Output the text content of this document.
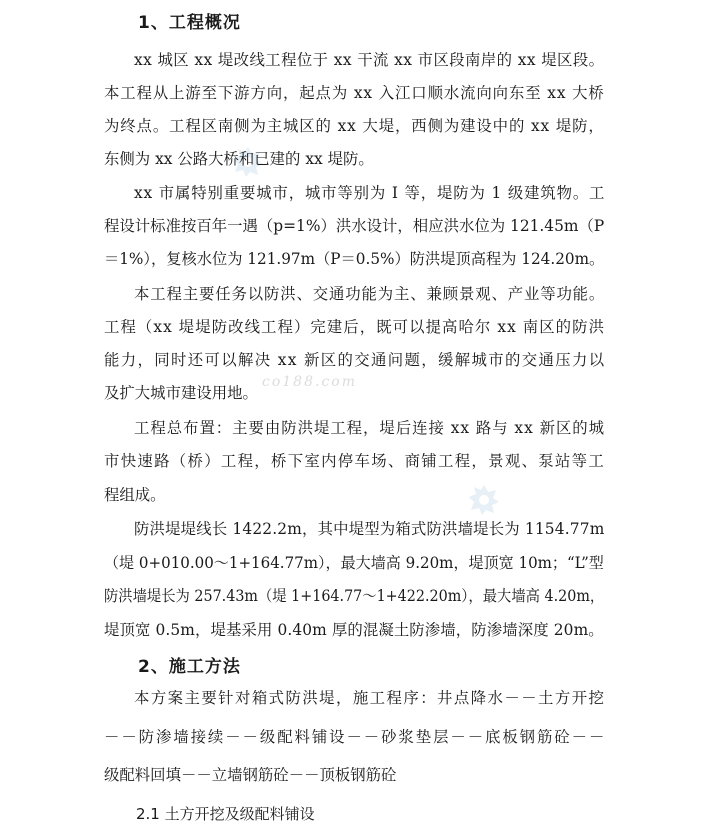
co188.com
1、工程概况
xx 城区 xx 堤改线工程位于 xx 干流 xx 市区段南岸的 xx 堤区段。
本工程从上游至下游方向，起点为 xx 入江口顺水流向向东至 xx 大桥
为终点。工程区南侧为主城区的 xx 大堤，西侧为建设中的 xx 堤防，
东侧为 xx 公路大桥和已建的 xx 堤防。
xx 市属特别重要城市，城市等别为 Ⅰ 等，堤防为 1 级建筑物。工
程设计标准按百年一遇（p=1%）洪水设计，相应洪水位为 121.45m（P
＝1%），复核水位为 121.97m（P＝0.5%）防洪堤顶高程为 124.20m。
本工程主要任务以防洪、交通功能为主、兼顾景观、产业等功能。
工程（xx 堤堤防改线工程）完建后，既可以提高哈尔 xx 南区的防洪
能力，同时还可以解决 xx 新区的交通问题，缓解城市的交通压力以
及扩大城市建设用地。
工程总布置：主要由防洪堤工程，堤后连接 xx 路与 xx 新区的城
市快速路（桥）工程，桥下室内停车场、商铺工程，景观、泵站等工
程组成。
防洪堤堤线长 1422.2m，其中堤型为箱式防洪墙堤长为 1154.77m
（堤 0+010.00～1+164.77m），最大墙高 9.20m，堤顶宽 10m；“L”型
防洪墙堤长为 257.43m（堤 1+164.77～1+422.20m），最大墙高 4.20m，
堤顶宽 0.5m，堤基采用 0.40m 厚的混凝土防渗墙，防渗墙深度 20m。
2、施工方法
本方案主要针对箱式防洪堤，施工程序：井点降水－－土方开挖
－－防渗墙接续－－级配料铺设－－砂浆垫层－－底板钢筋砼－－
级配料回填－－立墙钢筋砼－－顶板钢筋砼
2.1 土方开挖及级配料铺设
